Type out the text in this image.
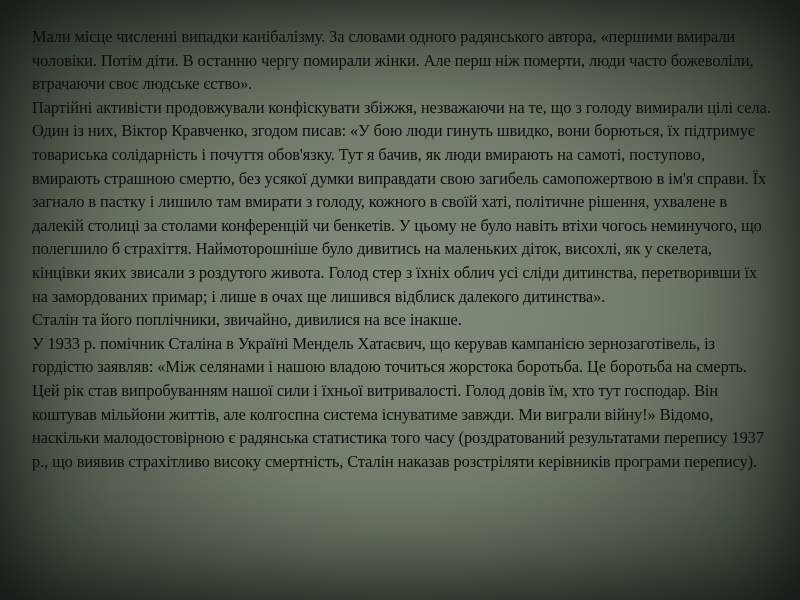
Мали місце численні випадки канібалізму. За словами одного радянського автора, «першими вмирали чоловіки. Потім діти. В останню чергу помирали жінки. Але перш ніж померти, люди часто божеволіли, втрачаючи своє людське єство».

Партійні активісти продовжували конфіскувати збіжжя, незважаючи на те, що з голоду вимирали цілі села. Один із них, Віктор Кравченко, згодом писав: «У бою люди гинуть швидко, вони борються, їх підтримує товариська солідарність і почуття обов'язку. Тут я бачив, як люди вмирають на самоті, поступово, вмирають страшною смертю, без усякої думки виправдати свою загибель самопожертвою в ім'я справи. Їх загнало в пастку і лишило там вмирати з голоду, кожного в своїй хаті, політичне рішення, ухвалене в далекій столиці за столами конференцій чи бенкетів. У цьому не було навіть втіхи чогось неминучого, що полегшило б страхіття. Наймоторошніше було дивитись на маленьких діток, висохлі, як у скелета, кінцівки яких звисали з роздутого живота. Голод стер з їхніх облич усі сліди дитинства, перетворивши їх на замордованих примар; і лише в очах ще лишився відблиск далекого дитинства».

Сталін та його поплічники, звичайно, дивилися на все інакше.

У 1933 р. помічник Сталіна в Україні Мендель Хатаєвич, що керував кампанією зернозаготівель, із гордістю заявляв: «Між селянами і нашою владою точиться жорстока боротьба. Це боротьба на смерть. Цей рік став випробуванням нашої сили і їхньої витривалості. Голод довів їм, хто тут господар. Він коштував мільйони життів, але колгоспна система існуватиме завжди. Ми виграли війну!» Відомо, наскільки малодостовірною є радянська статистика того часу (роздратований результатами перепису 1937 р., що виявив страхітливо високу смертність, Сталін наказав розстріляти керівників програми перепису).
